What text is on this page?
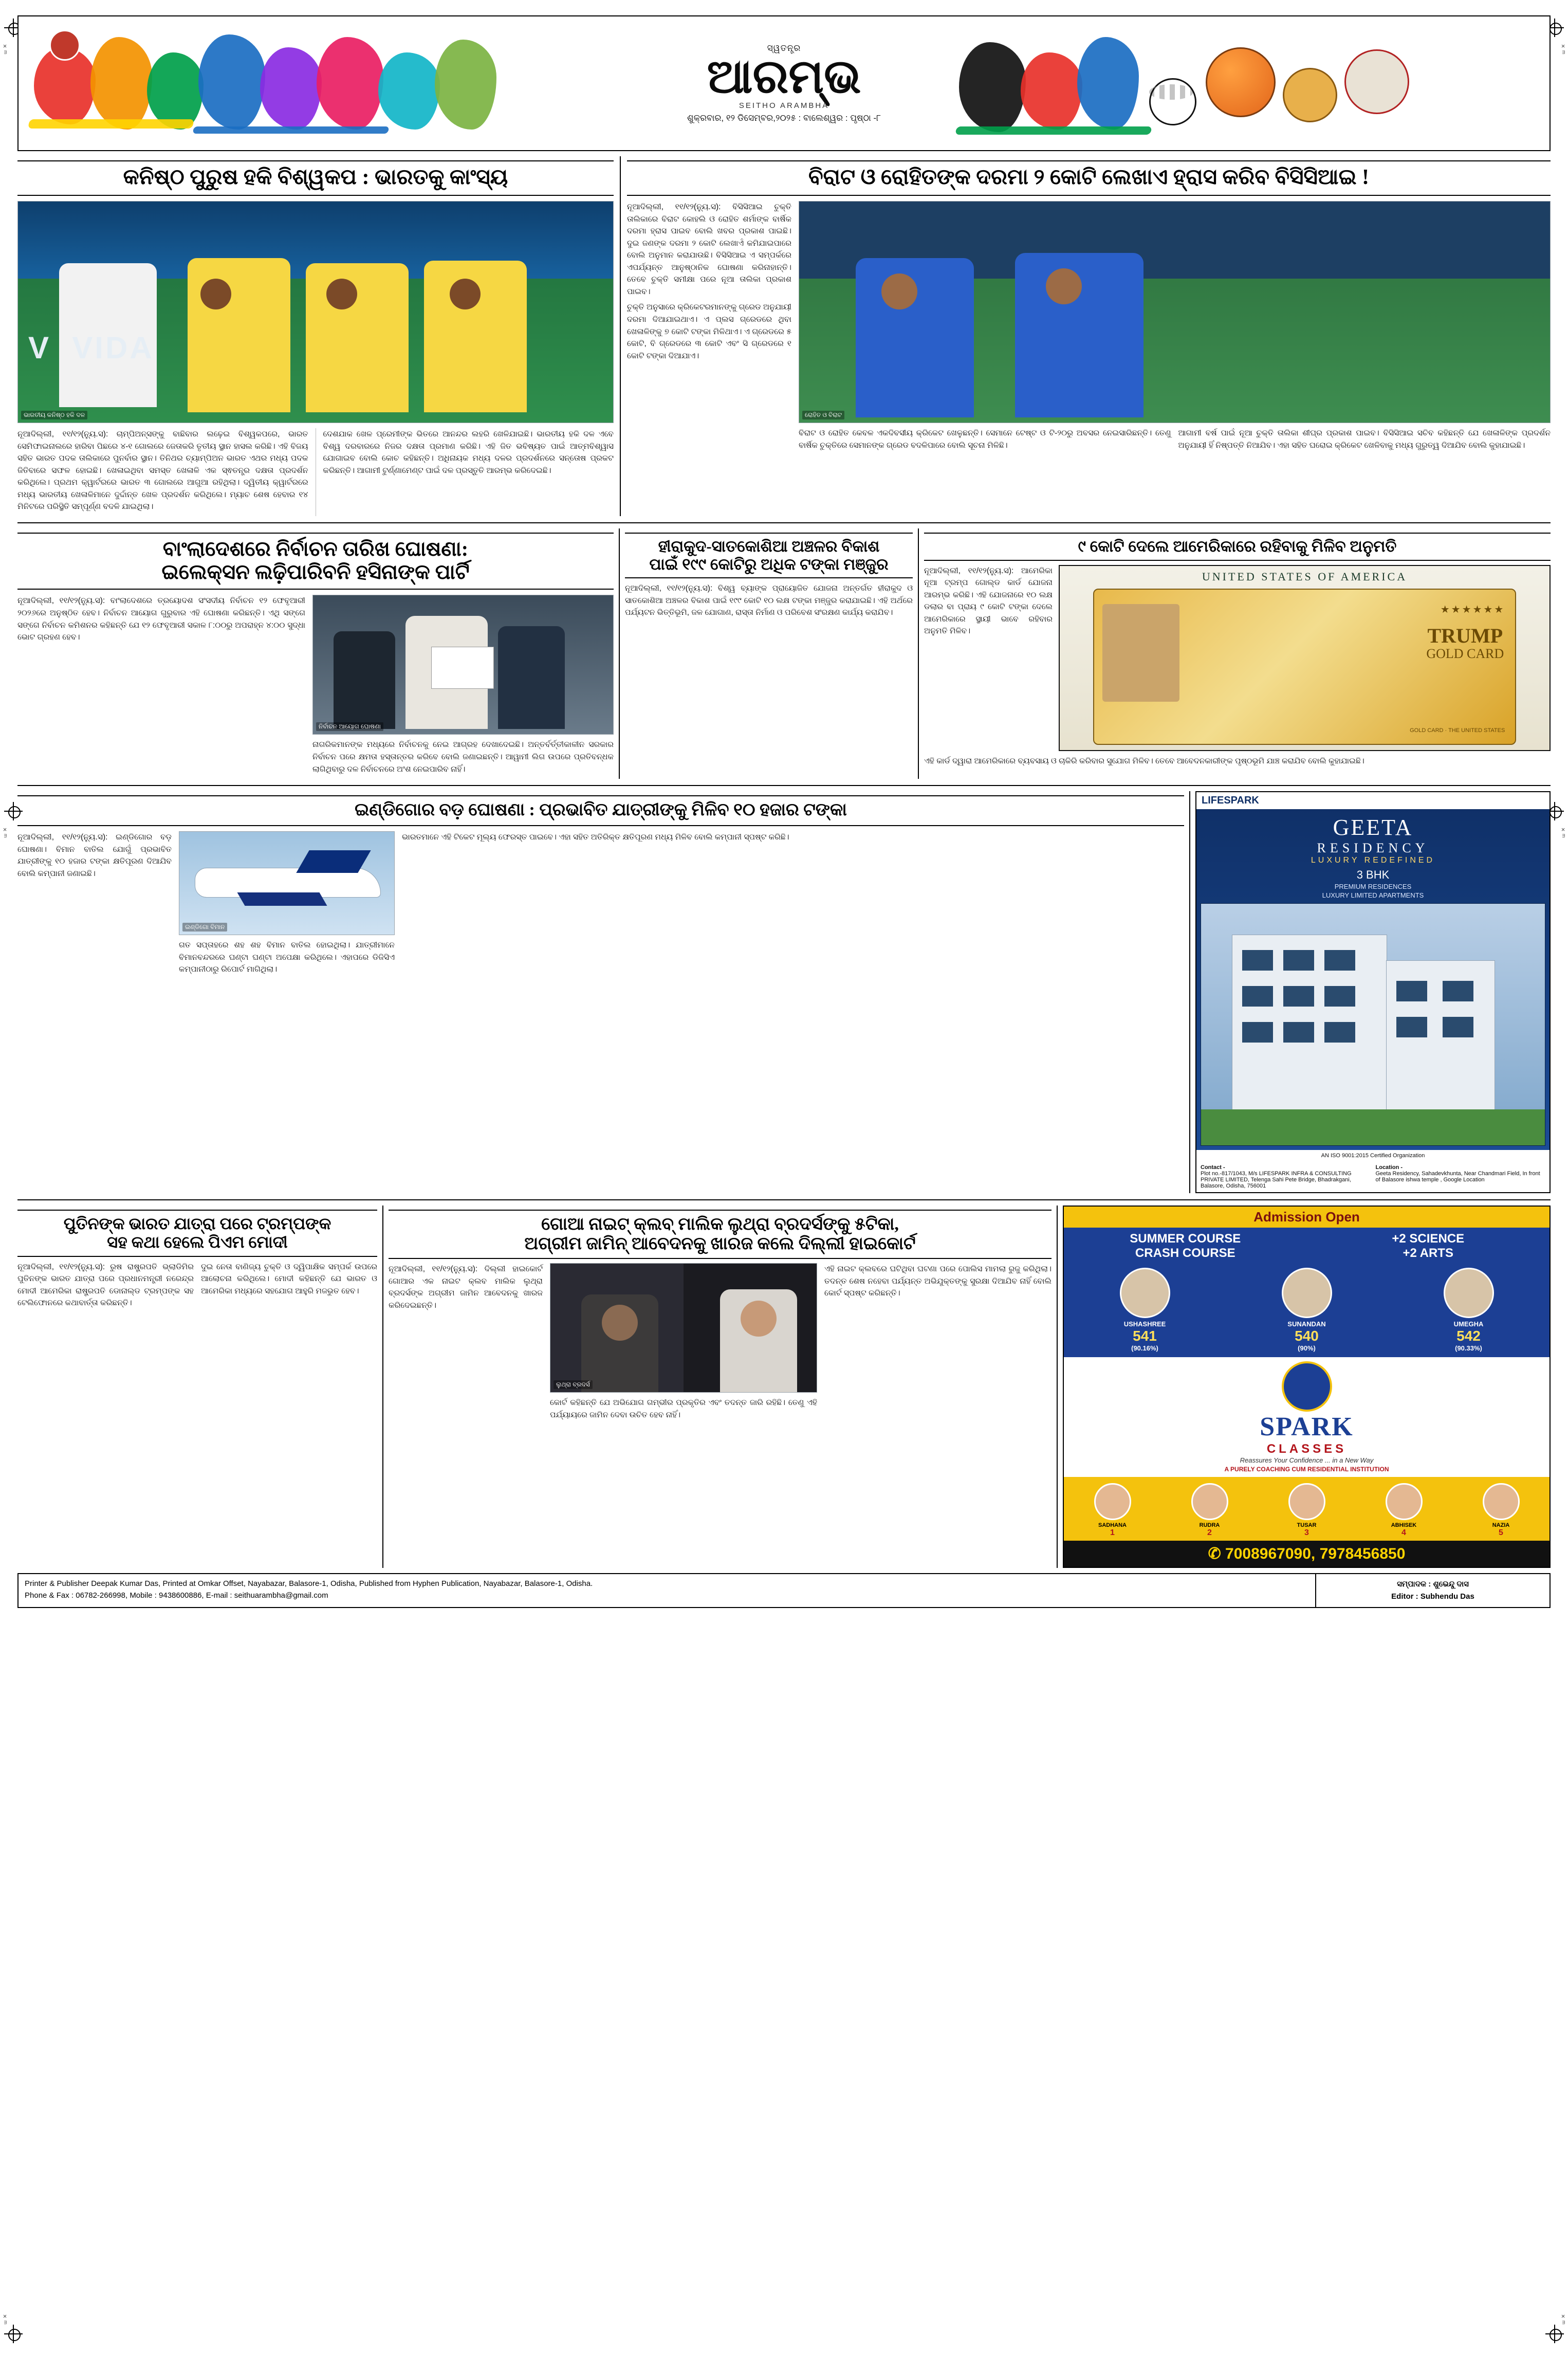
×ᵐ	×ᵐ
×ᵐ	×ᵐ
×ᵐ	×ᵐ
ସ୍ୱତନ୍ତ୍ର
ଆରମ୍ଭ
SEITHO ARAMBHA
ଶୁକ୍ରବାର, ୧୨ ଡିସେମ୍ବର,୨୦୨୫ : ବାଲେଶ୍ୱର : ପୃଷ୍ଠା -୮
କନିଷ୍ଠ ପୁରୁଷ ହକି ବିଶ୍ୱକପ : ଭାରତକୁ କାଂସ୍ୟ
V  VIDA
ଭାରତୀୟ କନିଷ୍ଠ ହକି ଦଳ

ନୂଆଦିଲ୍ଲୀ, ୧୧/୧୨(ନ୍ୟୁ.ସ): ଚାମ୍ପିଅନ୍ସଙ୍କୁ ବାଛିବାର ଲଢ଼େଇ ବିଶ୍ୱକପରେ, ଭାରତ ସେମିଫାଇନାଲରେ ହାରିବା ପିଛରେ ୪-୧ ଗୋଲରେ ଜେତାକରି ତୃତୀୟ ସ୍ଥାନ ହାସଲ କରିଛି। ଏହି ବିଜୟ ସହିତ ଭାରତ ପଦକ ତାଲିକାରେ ପୁନର୍ବାର ସ୍ଥାନ। ତିନିଥର ଚ୍ୟାମ୍ପିଅନ ଭାରତ ଏଥର ମଧ୍ୟ ପଦକ ଜିତିବାରେ ସଫଳ ହୋଇଛି। ଖେଳାଇଥିବା ସମସ୍ତ ଖେଳାଳି ଏକ ସ୍ଵତନ୍ତ୍ର ଦକ୍ଷତା ପ୍ରଦର୍ଶନ କରିଥିଲେ। ପ୍ରଥମ କ୍ୱାର୍ଟରରେ ଭାରତ ୩ ଗୋଲରେ ଆଗୁଆ ରହିଥିଲା। ଦ୍ୱିତୀୟ କ୍ୱାର୍ଟରରେ ମଧ୍ୟ ଭାରତୀୟ ଖେଳାଳିମାନେ ଦୁର୍ଦ୍ଦାନ୍ତ ଖେଳ ପ୍ରଦର୍ଶନ କରିଥିଲେ। ମ୍ୟାଚ ଶେଷ ହେବାର ୧୪ ମିନିଟରେ ପରିସ୍ଥିତି ସମ୍ପୂର୍ଣ୍ଣ ବଦଳି ଯାଇଥିଲା।

ଦେଶଯାକ ଖେଳ ପ୍ରେମୀଙ୍କ ଭିତରେ ଆନନ୍ଦର ଲହରି ଖେଳିଯାଇଛି। ଭାରତୀୟ ହକି ଦଳ ଏବେ ବିଶ୍ୱ ଦରବାରରେ ନିଜର ଦକ୍ଷତା ପ୍ରମାଣ କରିଛି। ଏହି ଜିତ ଭବିଷ୍ୟତ ପାଇଁ ଆତ୍ମବିଶ୍ୱାସ ଯୋଗାଇବ ବୋଲି କୋଚ କହିଛନ୍ତି। ଅଧିନାୟକ ମଧ୍ୟ ଦଳର ପ୍ରଦର୍ଶନରେ ସନ୍ତୋଷ ପ୍ରକଟ କରିଛନ୍ତି। ଆଗାମୀ ଟୁର୍ଣ୍ଣାମେଣ୍ଟ ପାଇଁ ଦଳ ପ୍ରସ୍ତୁତି ଆରମ୍ଭ କରିଦେଇଛି।

ବିରାଟ ଓ ରୋହିତଙ୍କ ଦରମା ୨ କୋଟି ଲେଖାଏ ହ୍ରାସ କରିବ ବିସିସିଆଇ !

ନୂଆଦିଲ୍ଲୀ, ୧୧/୧୨(ନ୍ୟୁ.ସ): ବିସିସିଆଇ ଚୁକ୍ତି ତାଲିକାରେ ବିରାଟ କୋହଲି ଓ ରୋହିତ ଶର୍ମାଙ୍କ ବାର୍ଷିକ ଦରମା ହ୍ରାସ ପାଇବ ବୋଲି ଖବର ପ୍ରକାଶ ପାଇଛି। ଦୁଇ ଜଣଙ୍କ ଦରମା ୨ କୋଟି ଲେଖାଏଁ କମିଯାଇପାରେ ବୋଲି ଅନୁମାନ କରାଯାଉଛି। ବିସିସିଆଇ ଏ ସମ୍ପର୍କରେ ଏପର୍ଯ୍ୟନ୍ତ ଆନୁଷ୍ଠାନିକ ଘୋଷଣା କରିନାହାନ୍ତି। ତେବେ ଚୁକ୍ତି ସମୀକ୍ଷା ପରେ ନୂଆ ତାଲିକା ପ୍ରକାଶ ପାଇବ।

ଚୁକ୍ତି ଅନୁସାରେ କ୍ରିକେଟରମାନଙ୍କୁ ଗ୍ରେଡ ଅନୁଯାୟୀ ଦରମା ଦିଆଯାଇଥାଏ। ଏ ପ୍ଲସ ଗ୍ରେଡରେ ଥିବା ଖେଳାଳିଙ୍କୁ ୭ କୋଟି ଟଙ୍କା ମିଳିଥାଏ। ଏ ଗ୍ରେଡରେ ୫ କୋଟି, ବି ଗ୍ରେଡରେ ୩ କୋଟି ଏବଂ ସି ଗ୍ରେଡରେ ୧ କୋଟି ଟଙ୍କା ଦିଆଯାଏ।

ରୋହିତ ଓ ବିରାଟ

ବିରାଟ ଓ ରୋହିତ କେବଳ ଏକଦିବସୀୟ କ୍ରିକେଟ ଖେଳୁଛନ୍ତି। ସେମାନେ ଟେଷ୍ଟ ଓ ଟି-୨୦ରୁ ଅବସର ନେଇସାରିଛନ୍ତି। ତେଣୁ ବାର୍ଷିକ ଚୁକ୍ତିରେ ସେମାନଙ୍କ ଗ୍ରେଡ ବଦଳିପାରେ ବୋଲି ସୂଚନା ମିଳିଛି।

ଆଗାମୀ ବର୍ଷ ପାଇଁ ନୂଆ ଚୁକ୍ତି ତାଲିକା ଶୀଘ୍ର ପ୍ରକାଶ ପାଇବ। ବିସିସିଆଇ ସଚିବ କହିଛନ୍ତି ଯେ ଖେଳାଳିଙ୍କ ପ୍ରଦର୍ଶନ ଅନୁଯାୟୀ ହିଁ ନିଷ୍ପତ୍ତି ନିଆଯିବ। ଏହା ସହିତ ଘରୋଇ କ୍ରିକେଟ ଖେଳିବାକୁ ମଧ୍ୟ ଗୁରୁତ୍ୱ ଦିଆଯିବ ବୋଲି କୁହାଯାଇଛି।

ବାଂଲାଦେଶରେ ନିର୍ବାଚନ ତାରିଖ ଘୋଷଣା:
ଇଲେକ୍ସନ ଲଢ଼ିପାରିବନି ହସିନାଙ୍କ ପାର୍ଟି

ନୂଆଦିଲ୍ଲୀ, ୧୧/୧୨(ନ୍ୟୁ.ସ): ବାଂଲାଦେଶରେ ତ୍ରୟୋଦଶ ସଂସଦୀୟ ନିର୍ବାଚନ ୧୨ ଫେବୃଆରୀ ୨୦୨୬ରେ ଅନୁଷ୍ଠିତ ହେବ। ନିର୍ବାଚନ ଆୟୋଗ ଗୁରୁବାର ଏହି ଘୋଷଣା କରିଛନ୍ତି। ଏଥି ସଙ୍ଗେ ସଙ୍ଗେ ନିର୍ବାଚନ କମିଶନର କହିଛନ୍ତି ଯେ ୧୨ ଫେବୃଆରୀ ସକାଳ ୮:୦୦ରୁ ଅପରାହ୍ନ ୪:୦୦ ସୁଦ୍ଧା ଭୋଟ ଗ୍ରହଣ ହେବ।

ନିର୍ବାଚନ ଆୟୋଗ ଘୋଷଣା

ନାଗରିକମାନଙ୍କ ମଧ୍ୟରେ ନିର୍ବାଚନକୁ ନେଇ ଆଗ୍ରହ ଦେଖାଦେଇଛି। ଅନ୍ତର୍ବର୍ତ୍ତୀକାଳୀନ ସରକାର ନିର୍ବାଚନ ପରେ କ୍ଷମତା ହସ୍ତାନ୍ତର କରିବେ ବୋଲି ଜଣାଇଛନ୍ତି। ଆୱାମୀ ଲିଗ ଉପରେ ପ୍ରତିବନ୍ଧକ ଲାଗିଥିବାରୁ ଦଳ ନିର୍ବାଚନରେ ଅଂଶ ନେଇପାରିବ ନାହିଁ।

ହୀରାକୁଦ-ସାତକୋଶିଆ ଅଞ୍ଚଳର ବିକାଶ
ପାଇଁ ୧୯୯ କୋଟିରୁ ଅଧିକ ଟଙ୍କା ମଞ୍ଜୁର

ନୂଆଦିଲ୍ଲୀ, ୧୧/୧୨(ନ୍ୟୁ.ସ): ବିଶ୍ୱ ବ୍ୟାଙ୍କ ପ୍ରାୟୋଜିତ ଯୋଜନା ଅନ୍ତର୍ଗତ ହୀରାକୁଦ ଓ ସାତକୋଶିଆ ଅଞ୍ଚଳର ବିକାଶ ପାଇଁ ୧୯୯ କୋଟି ୧୦ ଲକ୍ଷ ଟଙ୍କା ମଞ୍ଜୁର କରାଯାଇଛି। ଏହି ଅର୍ଥରେ ପର୍ଯ୍ୟଟନ ଭିତ୍ତିଭୂମି, ଜଳ ଯୋଗାଣ, ରାସ୍ତା ନିର୍ମାଣ ଓ ପରିବେଶ ସଂରକ୍ଷଣ କାର୍ଯ୍ୟ କରାଯିବ।

୯ କୋଟି ଦେଲେ ଆମେରିକାରେ ରହିବାକୁ ମିଳିବ ଅନୁମତି

ନୂଆଦିଲ୍ଲୀ, ୧୧/୧୨(ନ୍ୟୁ.ସ): ଆମେରିକା ନୂଆ ଟ୍ରମ୍ପ ଗୋଲ୍ଡ କାର୍ଡ ଯୋଜନା ଆରମ୍ଭ କରିଛି। ଏହି ଯୋଜନାରେ ୧୦ ଲକ୍ଷ ଡଲାର ବା ପ୍ରାୟ ୯ କୋଟି ଟଙ୍କା ଦେଲେ ଆମେରିକାରେ ସ୍ଥାୟୀ ଭାବେ ରହିବାର ଅନୁମତି ମିଳିବ।

UNITED STATES OF AMERICA
★★★★★★
TRUMP
GOLD CARD
GOLD CARD · THE UNITED STATES

ଏହି କାର୍ଡ ଦ୍ୱାରା ଆମେରିକାରେ ବ୍ୟବସାୟ ଓ ଚାକିରି କରିବାର ସୁଯୋଗ ମିଳିବ। ତେବେ ଆବେଦନକାରୀଙ୍କ ପୃଷ୍ଠଭୂମି ଯାଞ୍ଚ କରାଯିବ ବୋଲି କୁହାଯାଇଛି।

ଇଣ୍ଡିଗୋର ବଡ଼ ଘୋଷଣା : ପ୍ରଭାବିତ ଯାତ୍ରୀଙ୍କୁ ମିଳିବ ୧୦ ହଜାର ଟଙ୍କା

ନୂଆଦିଲ୍ଲୀ, ୧୧/୧୨(ନ୍ୟୁ.ସ): ଇଣ୍ଡିଗୋର ବଡ଼ ଘୋଷଣା। ବିମାନ ବାତିଲ ଯୋଗୁଁ ପ୍ରଭାବିତ ଯାତ୍ରୀଙ୍କୁ ୧୦ ହଜାର ଟଙ୍କା କ୍ଷତିପୂରଣ ଦିଆଯିବ ବୋଲି କମ୍ପାନୀ ଜଣାଇଛି।

ଇଣ୍ଡିଗୋ ବିମାନ

ଗତ ସପ୍ତାହରେ ଶହ ଶହ ବିମାନ ବାତିଲ ହୋଇଥିଲା। ଯାତ୍ରୀମାନେ ବିମାନବନ୍ଦରରେ ଘଣ୍ଟା ଘଣ୍ଟା ଅପେକ୍ଷା କରିଥିଲେ। ଏହାପରେ ଡିଜିସିଏ କମ୍ପାନୀଠାରୁ ରିପୋର୍ଟ ମାଗିଥିଲା।

ଭାରତମାନେ ଏହି ଟିକେଟ ମୂଲ୍ୟ ଫେରସ୍ତ ପାଇବେ। ଏହା ସହିତ ଅତିରିକ୍ତ କ୍ଷତିପୂରଣ ମଧ୍ୟ ମିଳିବ ବୋଲି କମ୍ପାନୀ ସ୍ପଷ୍ଟ କରିଛି।

LIFESPARK
GEETA
RESIDENCY
LUXURY REDEFINED
3 BHK
PREMIUM RESIDENCES
LUXURY LIMITED APARTMENTS
AN ISO 9001:2015 Certified Organization
Contact -
Plot no.-817/1043, M/s LIFESPARK INFRA & CONSULTING PRIVATE LIMITED, Telenga Sahi Pete Bridge, Bhadrakgani, Balasore, Odisha, 756001
Location -
Geeta Residency, Sahadevkhunta, Near Chandmari Field, In front of Balasore ishwa temple , Google Location
ପୁତିନଙ୍କ ଭାରତ ଯାତ୍ରା ପରେ ଟ୍ରମ୍ପଙ୍କ
ସହ କଥା ହେଲେ ପିଏମ ମୋଦୀ

ନୂଆଦିଲ୍ଲୀ, ୧୧/୧୨(ନ୍ୟୁ.ସ): ରୁଷ ରାଷ୍ଟ୍ରପତି ଭ୍ଲାଡିମିର ପୁତିନଙ୍କ ଭାରତ ଯାତ୍ରା ପରେ ପ୍ରଧାନମନ୍ତ୍ରୀ ନରେନ୍ଦ୍ର ମୋଦୀ ଆମେରିକା ରାଷ୍ଟ୍ରପତି ଡୋନାଲ୍ଡ ଟ୍ରମ୍ପଙ୍କ ସହ ଟେଲିଫୋନରେ କଥାବାର୍ତ୍ତା କରିଛନ୍ତି।

ଦୁଇ ନେତା ବାଣିଜ୍ୟ ଚୁକ୍ତି ଓ ଦ୍ୱିପାକ୍ଷିକ ସମ୍ପର୍କ ଉପରେ ଆଲୋଚନା କରିଥିଲେ। ମୋଦୀ କହିଛନ୍ତି ଯେ ଭାରତ ଓ ଆମେରିକା ମଧ୍ୟରେ ସହଯୋଗ ଆହୁରି ମଜଭୁତ ହେବ।

ଗୋଆ ନାଇଟ୍ କ୍ଲବ୍ ମାଲିକ ଲୁଥ୍ରା ବ୍ରଦର୍ସଙ୍କୁ ୫ଟିକା,
ଅଗ୍ରୀମ ଜାମିନ୍ ଆବେଦନକୁ ଖାରଜ କଲେ ଦିଲ୍ଲୀ ହାଇକୋର୍ଟ

ନୂଆଦିଲ୍ଲୀ, ୧୧/୧୨(ନ୍ୟୁ.ସ): ଦିଲ୍ଲୀ ହାଇକୋର୍ଟ ଗୋଆର ଏକ ନାଇଟ କ୍ଲବ ମାଲିକ ଲୁଥ୍ରା ବ୍ରଦର୍ସଙ୍କ ଅଗ୍ରୀମ ଜାମିନ ଆବେଦନକୁ ଖାରଜ କରିଦେଇଛନ୍ତି।

ଲୁଥ୍ରା ବ୍ରଦର୍ସ

କୋର୍ଟ କହିଛନ୍ତି ଯେ ଅଭିଯୋଗ ଗମ୍ଭୀର ପ୍ରକୃତିର ଏବଂ ତଦନ୍ତ ଜାରି ରହିଛି। ତେଣୁ ଏହି ପର୍ଯ୍ୟାୟରେ ଜାମିନ ଦେବା ଉଚିତ ହେବ ନାହିଁ।

ଏହି ନାଇଟ କ୍ଲବରେ ଘଟିଥିବା ଘଟଣା ପରେ ପୋଲିସ ମାମଲା ରୁଜୁ କରିଥିଲା। ତଦନ୍ତ ଶେଷ ନହେବା ପର୍ଯ୍ୟନ୍ତ ଅଭିଯୁକ୍ତଙ୍କୁ ସୁରକ୍ଷା ଦିଆଯିବ ନାହିଁ ବୋଲି କୋର୍ଟ ସ୍ପଷ୍ଟ କରିଛନ୍ତି।

Admission Open
SUMMER COURSE
CRASH COURSE
+2 SCIENCE
+2 ARTS
USHASHREE
541
(90.16%)
SUNANDAN
540
(90%)
UMEGHA
542
(90.33%)
SPARK
CLASSES
Reassures Your Confidence ... in a New Way
A PURELY COACHING CUM RESIDENTIAL INSTITUTION
SADHANA
1
RUDRA
2
TUSAR
3
ABHISEK
4
NAZIA
5
✆ 7008967090, 7978456850
Printer & Publisher Deepak Kumar Das, Printed at Omkar Offset, Nayabazar, Balasore-1, Odisha, Published from Hyphen Publication, Nayabazar, Balasore-1, Odisha.
Phone & Fax : 06782-266998, Mobile : 9438600886, E-mail : seithuarambha@gmail.com
ସମ୍ପାଦକ : ଶୁଭେନ୍ଦୁ ଦାସ
Editor : Subhendu Das
